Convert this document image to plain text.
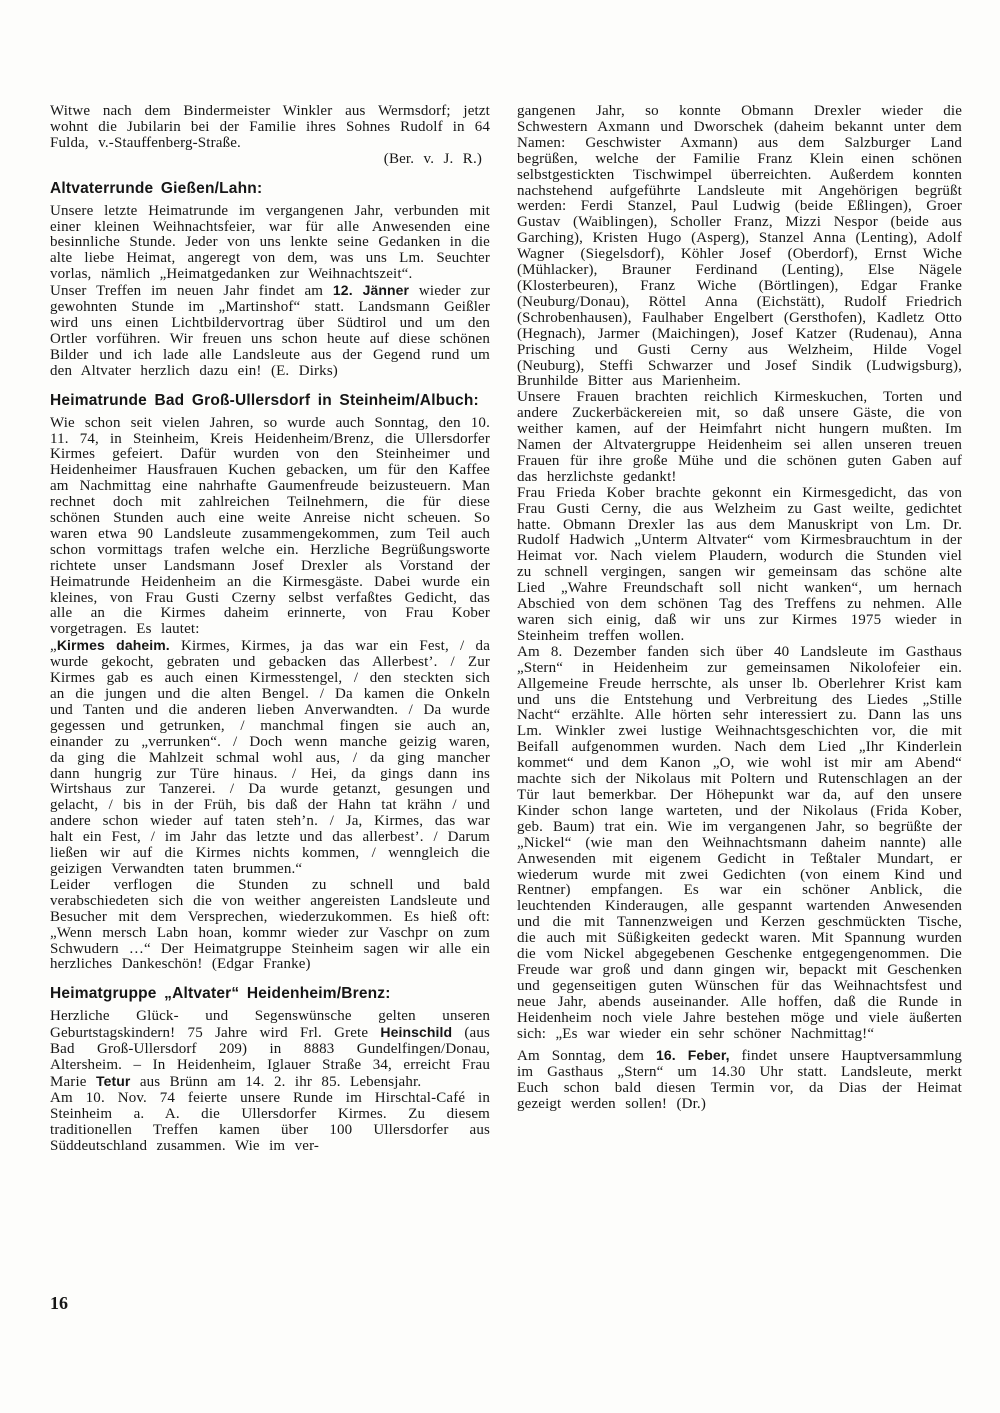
Witwe nach dem Bindermeister Winkler aus Wermsdorf; jetzt wohnt die Jubilarin bei der Familie ihres Sohnes Rudolf in 64 Fulda, v.-Stauffenberg-Straße.

(Ber. v. J. R.)

Altvaterrunde Gießen/Lahn:

Unsere letzte Heimatrunde im vergangenen Jahr, verbunden mit einer kleinen Weihnachtsfeier, war für alle Anwesenden eine besinnliche Stunde. Jeder von uns lenkte seine Gedanken in die alte liebe Heimat, angeregt von dem, was uns Lm. Seuchter vorlas, nämlich „Heimatgedanken zur Weihnachtszeit“.

Unser Treffen im neuen Jahr findet am 12. Jänner wieder zur gewohnten Stunde im „Martinshof“ statt. Landsmann Geißler wird uns einen Lichtbildervortrag über Südtirol und um den Ortler vorführen. Wir freuen uns schon heute auf diese schönen Bilder und ich lade alle Landsleute aus der Gegend rund um den Altvater herzlich dazu ein! (E. Dirks)

Heimatrunde Bad Groß-Ullersdorf in Steinheim/Albuch:

Wie schon seit vielen Jahren, so wurde auch Sonntag, den 10. 11. 74, in Steinheim, Kreis Heidenheim/Brenz, die Ullersdorfer Kirmes gefeiert. Dafür wurden von den Steinheimer und Heidenheimer Hausfrauen Kuchen gebacken, um für den Kaffee am Nachmittag eine nahrhafte Gaumenfreude beizusteuern. Man rechnet doch mit zahlreichen Teilnehmern, die für diese schönen Stunden auch eine weite Anreise nicht scheuen. So waren etwa 90 Landsleute zusammengekommen, zum Teil auch schon vormittags trafen welche ein. Herzliche Begrüßungsworte richtete unser Landsmann Josef Drexler als Vorstand der Heimatrunde Heidenheim an die Kirmesgäste. Dabei wurde ein kleines, von Frau Gusti Czerny selbst verfaßtes Gedicht, das alle an die Kirmes daheim erinnerte, von Frau Kober vorgetragen. Es lautet:

„Kirmes daheim. Kirmes, Kirmes, ja das war ein Fest, / da wurde gekocht, gebraten und gebacken das Allerbest’. / Zur Kirmes gab es auch einen Kirmesstengel, / den steckten sich an die jungen und die alten Bengel. / Da kamen die Onkeln und Tanten und die anderen lieben Anverwandten. / Da wurde gegessen und getrunken, / manchmal fingen sie auch an, einander zu „verrunken“. / Doch wenn manche geizig waren, da ging die Mahlzeit schmal wohl aus, / da ging mancher dann hungrig zur Türe hinaus. / Hei, da gings dann ins Wirtshaus zur Tanzerei. / Da wurde getanzt, gesungen und gelacht, / bis in der Früh, bis daß der Hahn tat krähn / und andere schon wieder auf taten steh’n. / Ja, Kirmes, das war halt ein Fest, / im Jahr das letzte und das allerbest’. / Darum ließen wir auf die Kirmes nichts kommen, / wenngleich die geizigen Verwandten taten brummen.“

Leider verflogen die Stunden zu schnell und bald verabschiedeten sich die von weither angereisten Landsleute und Besucher mit dem Versprechen, wiederzukommen. Es hieß oft: „Wenn mersch Labn hoan, kommr wieder zur Vaschpr on zum Schwudern …“ Der Heimatgruppe Steinheim sagen wir alle ein herzliches Dankeschön! (Edgar Franke)

Heimatgruppe „Altvater“ Heidenheim/Brenz:

Herzliche Glück- und Segenswünsche gelten unseren Geburtstagskindern! 75 Jahre wird Frl. Grete Heinschild (aus Bad Groß-Ullersdorf 209) in 8883 Gundelfingen/Donau, Altersheim. – In Heidenheim, Iglauer Straße 34, erreicht Frau Marie Tetur aus Brünn am 14. 2. ihr 85. Lebensjahr.

Am 10. Nov. 74 feierte unsere Runde im Hirschtal-Café in Steinheim a. A. die Ullersdorfer Kirmes. Zu diesem traditionellen Treffen kamen über 100 Ullersdorfer aus Süddeutschland zusammen. Wie im ver-

gangenen Jahr, so konnte Obmann Drexler wieder die Schwestern Axmann und Dworschek (daheim bekannt unter dem Namen: Geschwister Axmann) aus dem Salzburger Land begrüßen, welche der Familie Franz Klein einen schönen selbstgestickten Tischwimpel überreichten. Außerdem konnten nachstehend aufgeführte Landsleute mit Angehörigen begrüßt werden: Ferdi Stanzel, Paul Ludwig (beide Eßlingen), Groer Gustav (Waiblingen), Scholler Franz, Mizzi Nespor (beide aus Garching), Kristen Hugo (Asperg), Stanzel Anna (Lenting), Adolf Wagner (Siegelsdorf), Köhler Josef (Oberdorf), Ernst Wiche (Mühlacker), Brauner Ferdinand (Lenting), Else Nägele (Klosterbeuren), Franz Wiche (Börtlingen), Edgar Franke (Neuburg/Donau), Röttel Anna (Eichstätt), Rudolf Friedrich (Schrobenhausen), Faulhaber Engelbert (Gersthofen), Kadletz Otto (Hegnach), Jarmer (Maichingen), Josef Katzer (Rudenau), Anna Prisching und Gusti Cerny aus Welzheim, Hilde Vogel (Neuburg), Steffi Schwarzer und Josef Sindik (Ludwigsburg), Brunhilde Bitter aus Marienheim.

Unsere Frauen brachten reichlich Kirmeskuchen, Torten und andere Zuckerbäckereien mit, so daß unsere Gäste, die von weither kamen, auf der Heimfahrt nicht hungern mußten. Im Namen der Altvatergruppe Heidenheim sei allen unseren treuen Frauen für ihre große Mühe und die schönen guten Gaben auf das herzlichste gedankt!

Frau Frieda Kober brachte gekonnt ein Kirmesgedicht, das von Frau Gusti Cerny, die aus Welzheim zu Gast weilte, gedichtet hatte. Obmann Drexler las aus dem Manuskript von Lm. Dr. Rudolf Hadwich „Unterm Altvater“ vom Kirmesbrauchtum in der Heimat vor. Nach vielem Plaudern, wodurch die Stunden viel zu schnell vergingen, sangen wir gemeinsam das schöne alte Lied „Wahre Freundschaft soll nicht wanken“, um hernach Abschied von dem schönen Tag des Treffens zu nehmen. Alle waren sich einig, daß wir uns zur Kirmes 1975 wieder in Steinheim treffen wollen.

Am 8. Dezember fanden sich über 40 Landsleute im Gasthaus „Stern“ in Heidenheim zur gemeinsamen Nikolofeier ein. Allgemeine Freude herrschte, als unser lb. Oberlehrer Krist kam und uns die Entstehung und Verbreitung des Liedes „Stille Nacht“ erzählte. Alle hörten sehr interessiert zu. Dann las uns Lm. Winkler zwei lustige Weihnachtsgeschichten vor, die mit Beifall aufgenommen wurden. Nach dem Lied „Ihr Kinderlein kommet“ und dem Kanon „O, wie wohl ist mir am Abend“ machte sich der Nikolaus mit Poltern und Rutenschlagen an der Tür laut bemerkbar. Der Höhepunkt war da, auf den unsere Kinder schon lange warteten, und der Nikolaus (Frida Kober, geb. Baum) trat ein. Wie im vergangenen Jahr, so begrüßte der „Nickel“ (wie man den Weihnachtsmann daheim nannte) alle Anwesenden mit eigenem Gedicht in Teßtaler Mundart, er wiederum wurde mit zwei Gedichten (von einem Kind und Rentner) empfangen. Es war ein schöner Anblick, die leuchtenden Kinderaugen, alle gespannt wartenden Anwesenden und die mit Tannenzweigen und Kerzen geschmückten Tische, die auch mit Süßigkeiten gedeckt waren. Mit Spannung wurden die vom Nickel abgegebenen Geschenke entgegengenommen. Die Freude war groß und dann gingen wir, bepackt mit Geschenken und gegenseitigen guten Wünschen für das Weihnachtsfest und neue Jahr, abends auseinander. Alle hoffen, daß die Runde in Heidenheim noch viele Jahre bestehen möge und viele äußerten sich: „Es war wieder ein sehr schöner Nachmittag!“

Am Sonntag, dem 16. Feber, findet unsere Hauptversammlung im Gasthaus „Stern“ um 14.30 Uhr statt. Landsleute, merkt Euch schon bald diesen Termin vor, da Dias der Heimat gezeigt werden sollen! (Dr.)

16
